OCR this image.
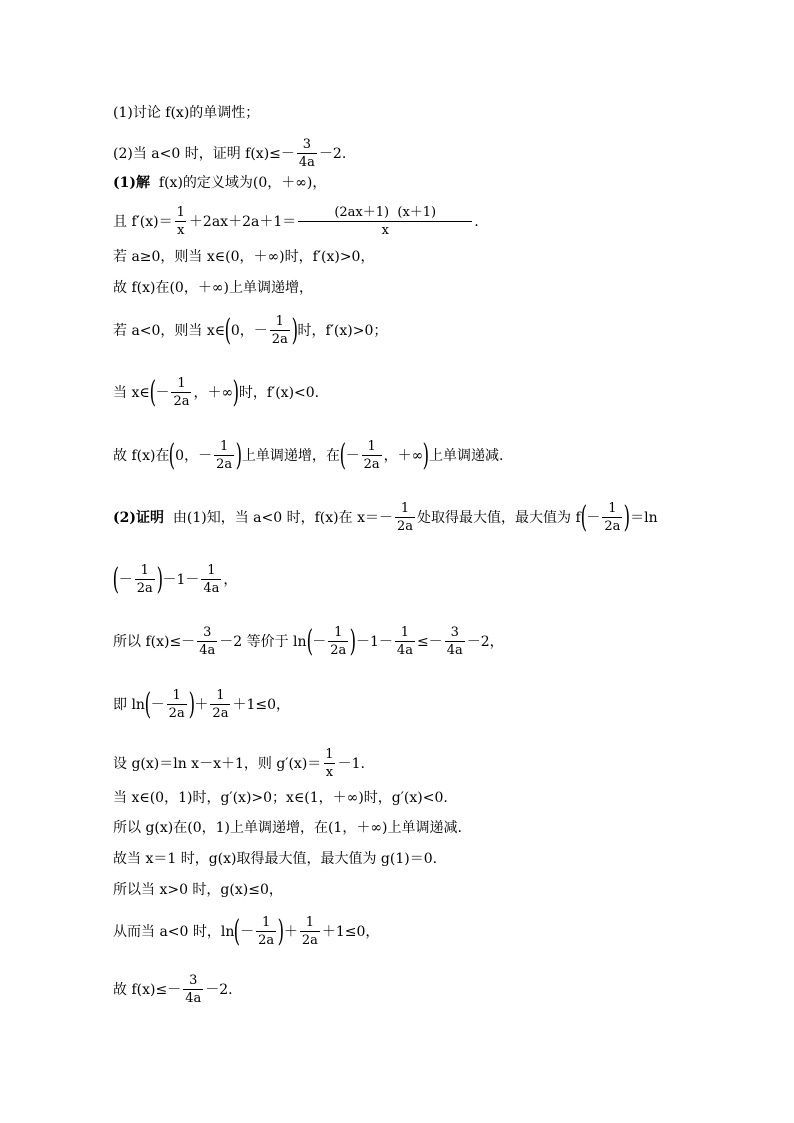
(1)讨论 f(x)的单调性；
(2)当 a<0 时，证明 $f(x)\le- \frac{3}{4a} -2$.
(1)解 f(x)的定义域为(0，＋∞)，
且 $f'(x)= \frac{1}{x} +2ax+2a+1= \frac{(2ax+1) (x+1)}{x}$ .
若 a≥0，则当 x∈(0，＋∞)时，f′(x)>0，
故 f(x)在(0，＋∞)上单调递增，
若 a<0，则当 x∈ ( 0，－ $\frac{1}{2a}$ ) 时，f′(x)>0；
当 x∈ ( － $\frac{1}{2a}$ ，＋∞ ) 时，f′(x)<0.
故 f(x)在 ( 0，－ $\frac{1}{2a}$ ) 上单调递增，在 ( － $\frac{1}{2a}$ ，＋∞ ) 上单调递减.
(2)证明 由(1)知，当 a<0 时，f(x)在 $x=- \frac{1}{2a}$ 处取得最大值，最大值为 f ( － $\frac{1}{2a}$ ) ＝ln
( － $\frac{1}{2a}$ ) $-1- \frac{1}{4a}$ ，
所以 $f(x)\le- \frac{3}{4a} -2$ 等价于 ln ( － $\frac{1}{2a}$ ) $-1- \frac{1}{4a} \le- \frac{3}{4a} -2$，
即 ln ( － $\frac{1}{2a}$ ) ＋ $\frac{1}{2a} +1\le 0$，
设 g(x)＝ln x－x＋1，则 $g'(x)= \frac{1}{x} -1$.
当 x∈(0，1)时，g′(x)>0；x∈(1，＋∞)时，g′(x)<0.
所以 g(x)在(0，1)上单调递增，在(1，＋∞)上单调递减.
故当 x＝1 时，g(x)取得最大值，最大值为 g(1)＝0.
所以当 x>0 时，g(x)≤0，
从而当 a<0 时，ln ( － $\frac{1}{2a}$ ) ＋ $\frac{1}{2a} +1\le 0$，
故 $f(x)\le- \frac{3}{4a} -2$.
